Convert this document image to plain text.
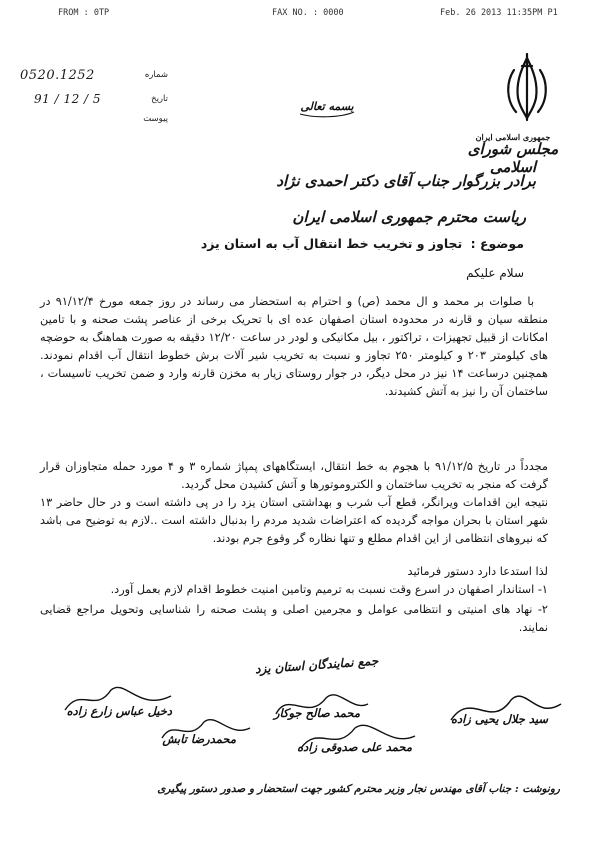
FROM : 0TP	FAX NO. : 0000	Feb. 26 2013 11:35PM P1
جمهوری اسلامی ایران
مجلس شورای اسلامی
0520.1252	شماره
91 / 12 / 5	تاریخ
پیوست
بسمه تعالی
برادر بزرگوار جناب آقای دکتر احمدی نژاد
ریاست محترم جمهوری اسلامی ایران
موضوع : تجاوز و تخریب خط انتقال آب به استان یزد
سلام علیکم
با صلوات بر محمد و ال محمد (ص) و احترام به استحضار می رساند در روز جمعه مورخ ۹۱/۱۲/۴ در منطقه سیان و قارنه در محدوده استان اصفهان عده ای با تحریک برخی از عناصر پشت صحنه و با تامین امکانات از قبیل تجهیزات ، تراکتور ، بیل مکانیکی و لودر در ساعت ۱۲/۲۰ دقیقه به صورت هماهنگ به حوضچه های کیلومتر ۲۰۳ و کیلومتر ۲۵۰ تجاوز و نسبت به تخریب شیر آلات برش خطوط انتقال آب اقدام نمودند. همچنین درساعت ۱۴ نیز در محل دیگر، در جوار روستای زیار به مخزن قارنه وارد و ضمن تخریب تاسیسات ، ساختمان آن را نیز به آتش کشیدند.
مجدداً در تاریخ ۹۱/۱۲/۵ با هجوم به خط انتقال، ایستگاههای پمپاژ شماره ۳ و ۴ مورد حمله متجاوزان قرار گرفت که منجر به تخریب ساختمان و الکتروموتورها و آتش کشیدن محل گردید.
نتیجه این اقدامات ویرانگر، قطع آب شرب و بهداشتی استان یزد را در پی داشته است و در حال حاضر ۱۳ شهر استان با بحران مواجه گردیده که اعتراضات شدید مردم را بدنبال داشته است ..لازم به توضیح می باشد که نیروهای انتظامی از این اقدام مطلع و تنها نظاره گر وقوع جرم بودند.
لذا استدعا دارد دستور فرمائید
۱- استاندار اصفهان در اسرع وقت نسبت به ترمیم وتامین امنیت خطوط اقدام لازم بعمل آورد.
۲- نهاد های امنیتی و انتظامی عوامل و مجرمین اصلی و پشت صحنه را شناسایی وتحویل مراجع قضایی نمایند.
جمع نمایندگان استان یزد
سید جلال یحیی زاده
محمد صالح جوکار
دخیل عباس زارع زاده
محمد علی صدوقی زاده
محمدرضا تابش
رونوشت : جناب آقای مهندس نجار وزیر محترم کشور جهت استحضار و صدور دستور پیگیری
